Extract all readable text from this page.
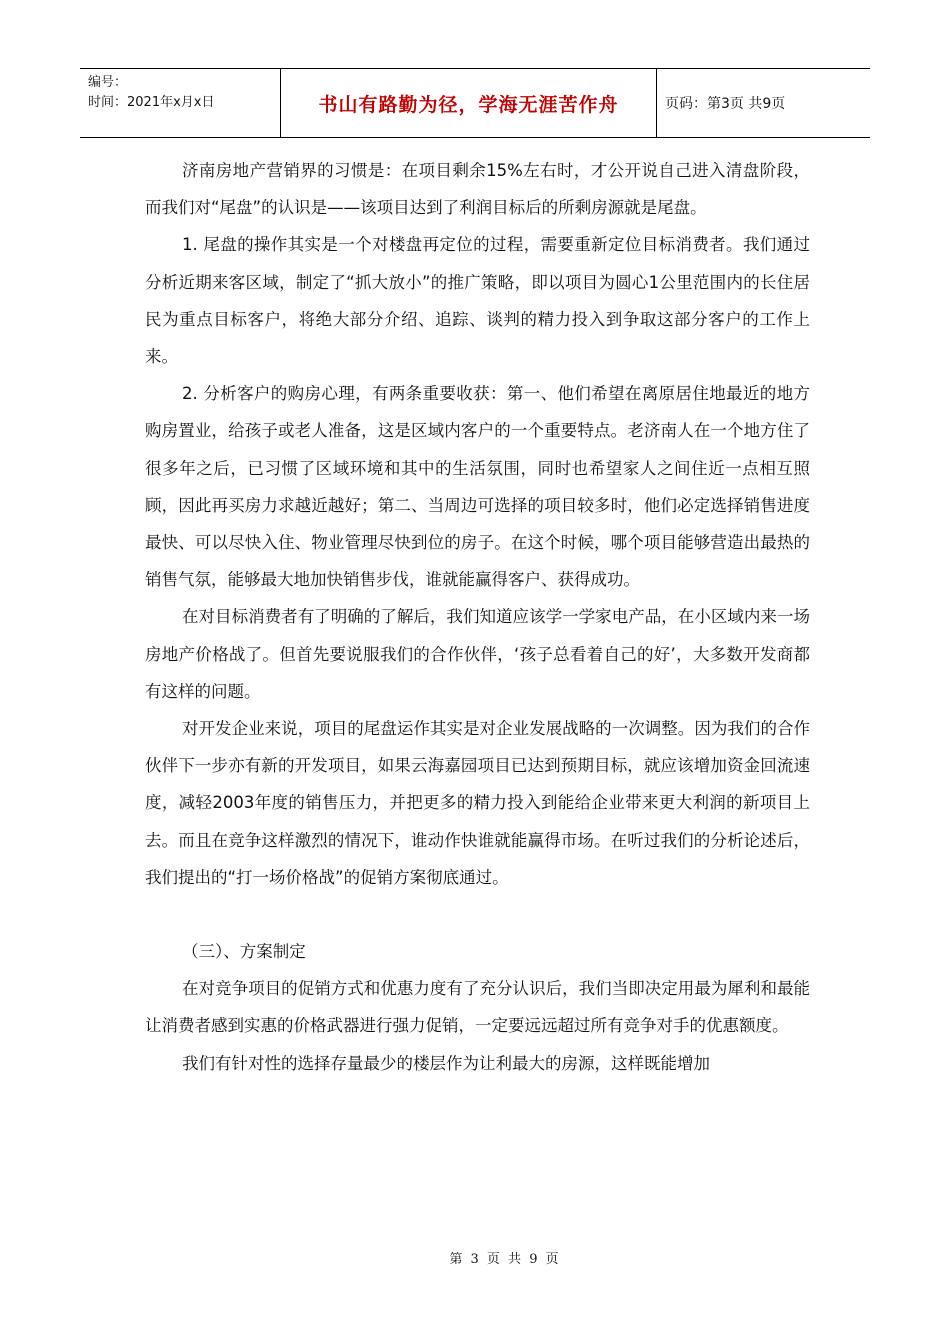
编号：
时间：2021年x月x日	书山有路勤为径，学海无涯苦作舟	页码：第3页 共9页

济南房地产营销界的习惯是：在项目剩余15%左右时，才公开说自己进入清盘阶段，而我们对“尾盘”的认识是——该项目达到了利润目标后的所剩房源就是尾盘。

1. 尾盘的操作其实是一个对楼盘再定位的过程，需要重新定位目标消费者。我们通过分析近期来客区域，制定了“抓大放小”的推广策略，即以项目为圆心1公里范围内的长住居民为重点目标客户，将绝大部分介绍、追踪、谈判的精力投入到争取这部分客户的工作上来。

2. 分析客户的购房心理，有两条重要收获：第一、他们希望在离原居住地最近的地方购房置业，给孩子或老人准备，这是区域内客户的一个重要特点。老济南人在一个地方住了很多年之后，已习惯了区域环境和其中的生活氛围，同时也希望家人之间住近一点相互照顾，因此再买房力求越近越好；第二、当周边可选择的项目较多时，他们必定选择销售进度最快、可以尽快入住、物业管理尽快到位的房子。在这个时候，哪个项目能够营造出最热的销售气氛，能够最大地加快销售步伐，谁就能赢得客户、获得成功。

在对目标消费者有了明确的了解后，我们知道应该学一学家电产品，在小区域内来一场房地产价格战了。但首先要说服我们的合作伙伴，‘孩子总看着自己的好’，大多数开发商都有这样的问题。

对开发企业来说，项目的尾盘运作其实是对企业发展战略的一次调整。因为我们的合作伙伴下一步亦有新的开发项目，如果云海嘉园项目已达到预期目标，就应该增加资金回流速度，减轻2003年度的销售压力，并把更多的精力投入到能给企业带来更大利润的新项目上去。而且在竞争这样激烈的情况下，谁动作快谁就能赢得市场。在听过我们的分析论述后，我们提出的“打一场价格战”的促销方案彻底通过。

（三）、方案制定

在对竞争项目的促销方式和优惠力度有了充分认识后，我们当即决定用最为犀利和最能让消费者感到实惠的价格武器进行强力促销，一定要远远超过所有竞争对手的优惠额度。

我们有针对性的选择存量最少的楼层作为让利最大的房源，这样既能增加

第 3 页 共 9 页
